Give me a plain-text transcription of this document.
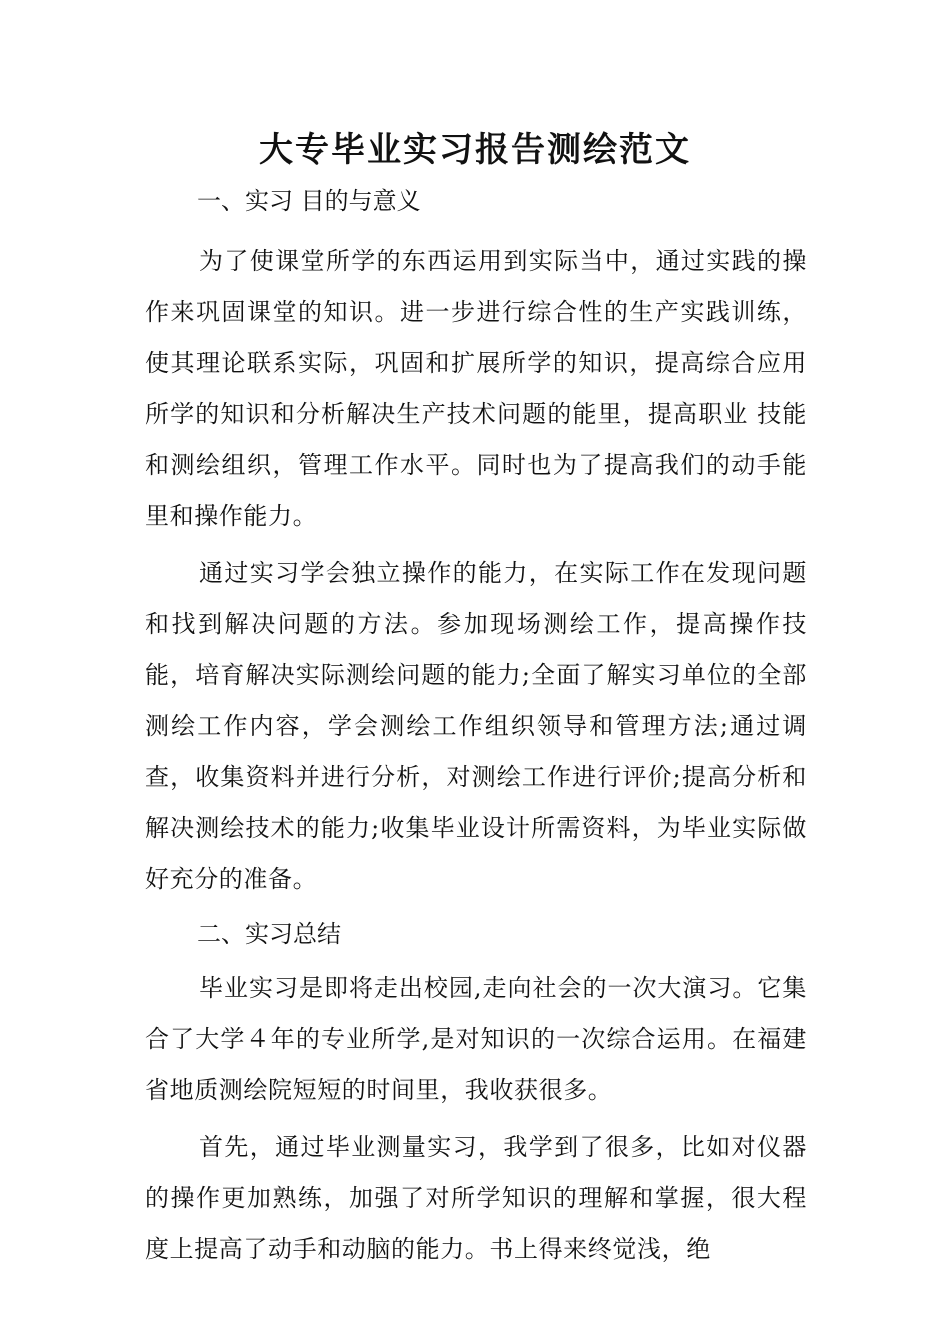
大专毕业实习报告测绘范文
一、实习 目的与意义

为了使课堂所学的东西运用到实际当中，通过实践的操作来巩固课堂的知识。进一步进行综合性的生产实践训练，使其理论联系实际，巩固和扩展所学的知识，提高综合应用所学的知识和分析解决生产技术问题的能里，提高职业 技能和测绘组织，管理工作水平。同时也为了提高我们的动手能里和操作能力。

通过实习学会独立操作的能力，在实际工作在发现问题和找到解决问题的方法。参加现场测绘工作，提高操作技能，培育解决实际测绘问题的能力;全面了解实习单位的全部测绘工作内容，学会测绘工作组织领导和管理方法;通过调查，收集资料并进行分析，对测绘工作进行评价;提高分析和解决测绘技术的能力;收集毕业设计所需资料，为毕业实际做好充分的准备。

二、实习总结

毕业实习是即将走出校园,走向社会的一次大演习。它集合了大学４年的专业所学,是对知识的一次综合运用。在福建省地质测绘院短短的时间里，我收获很多。

首先，通过毕业测量实习，我学到了很多，比如对仪器的操作更加熟练，加强了对所学知识的理解和掌握，很大程度上提高了动手和动脑的能力。书上得来终觉浅，绝
